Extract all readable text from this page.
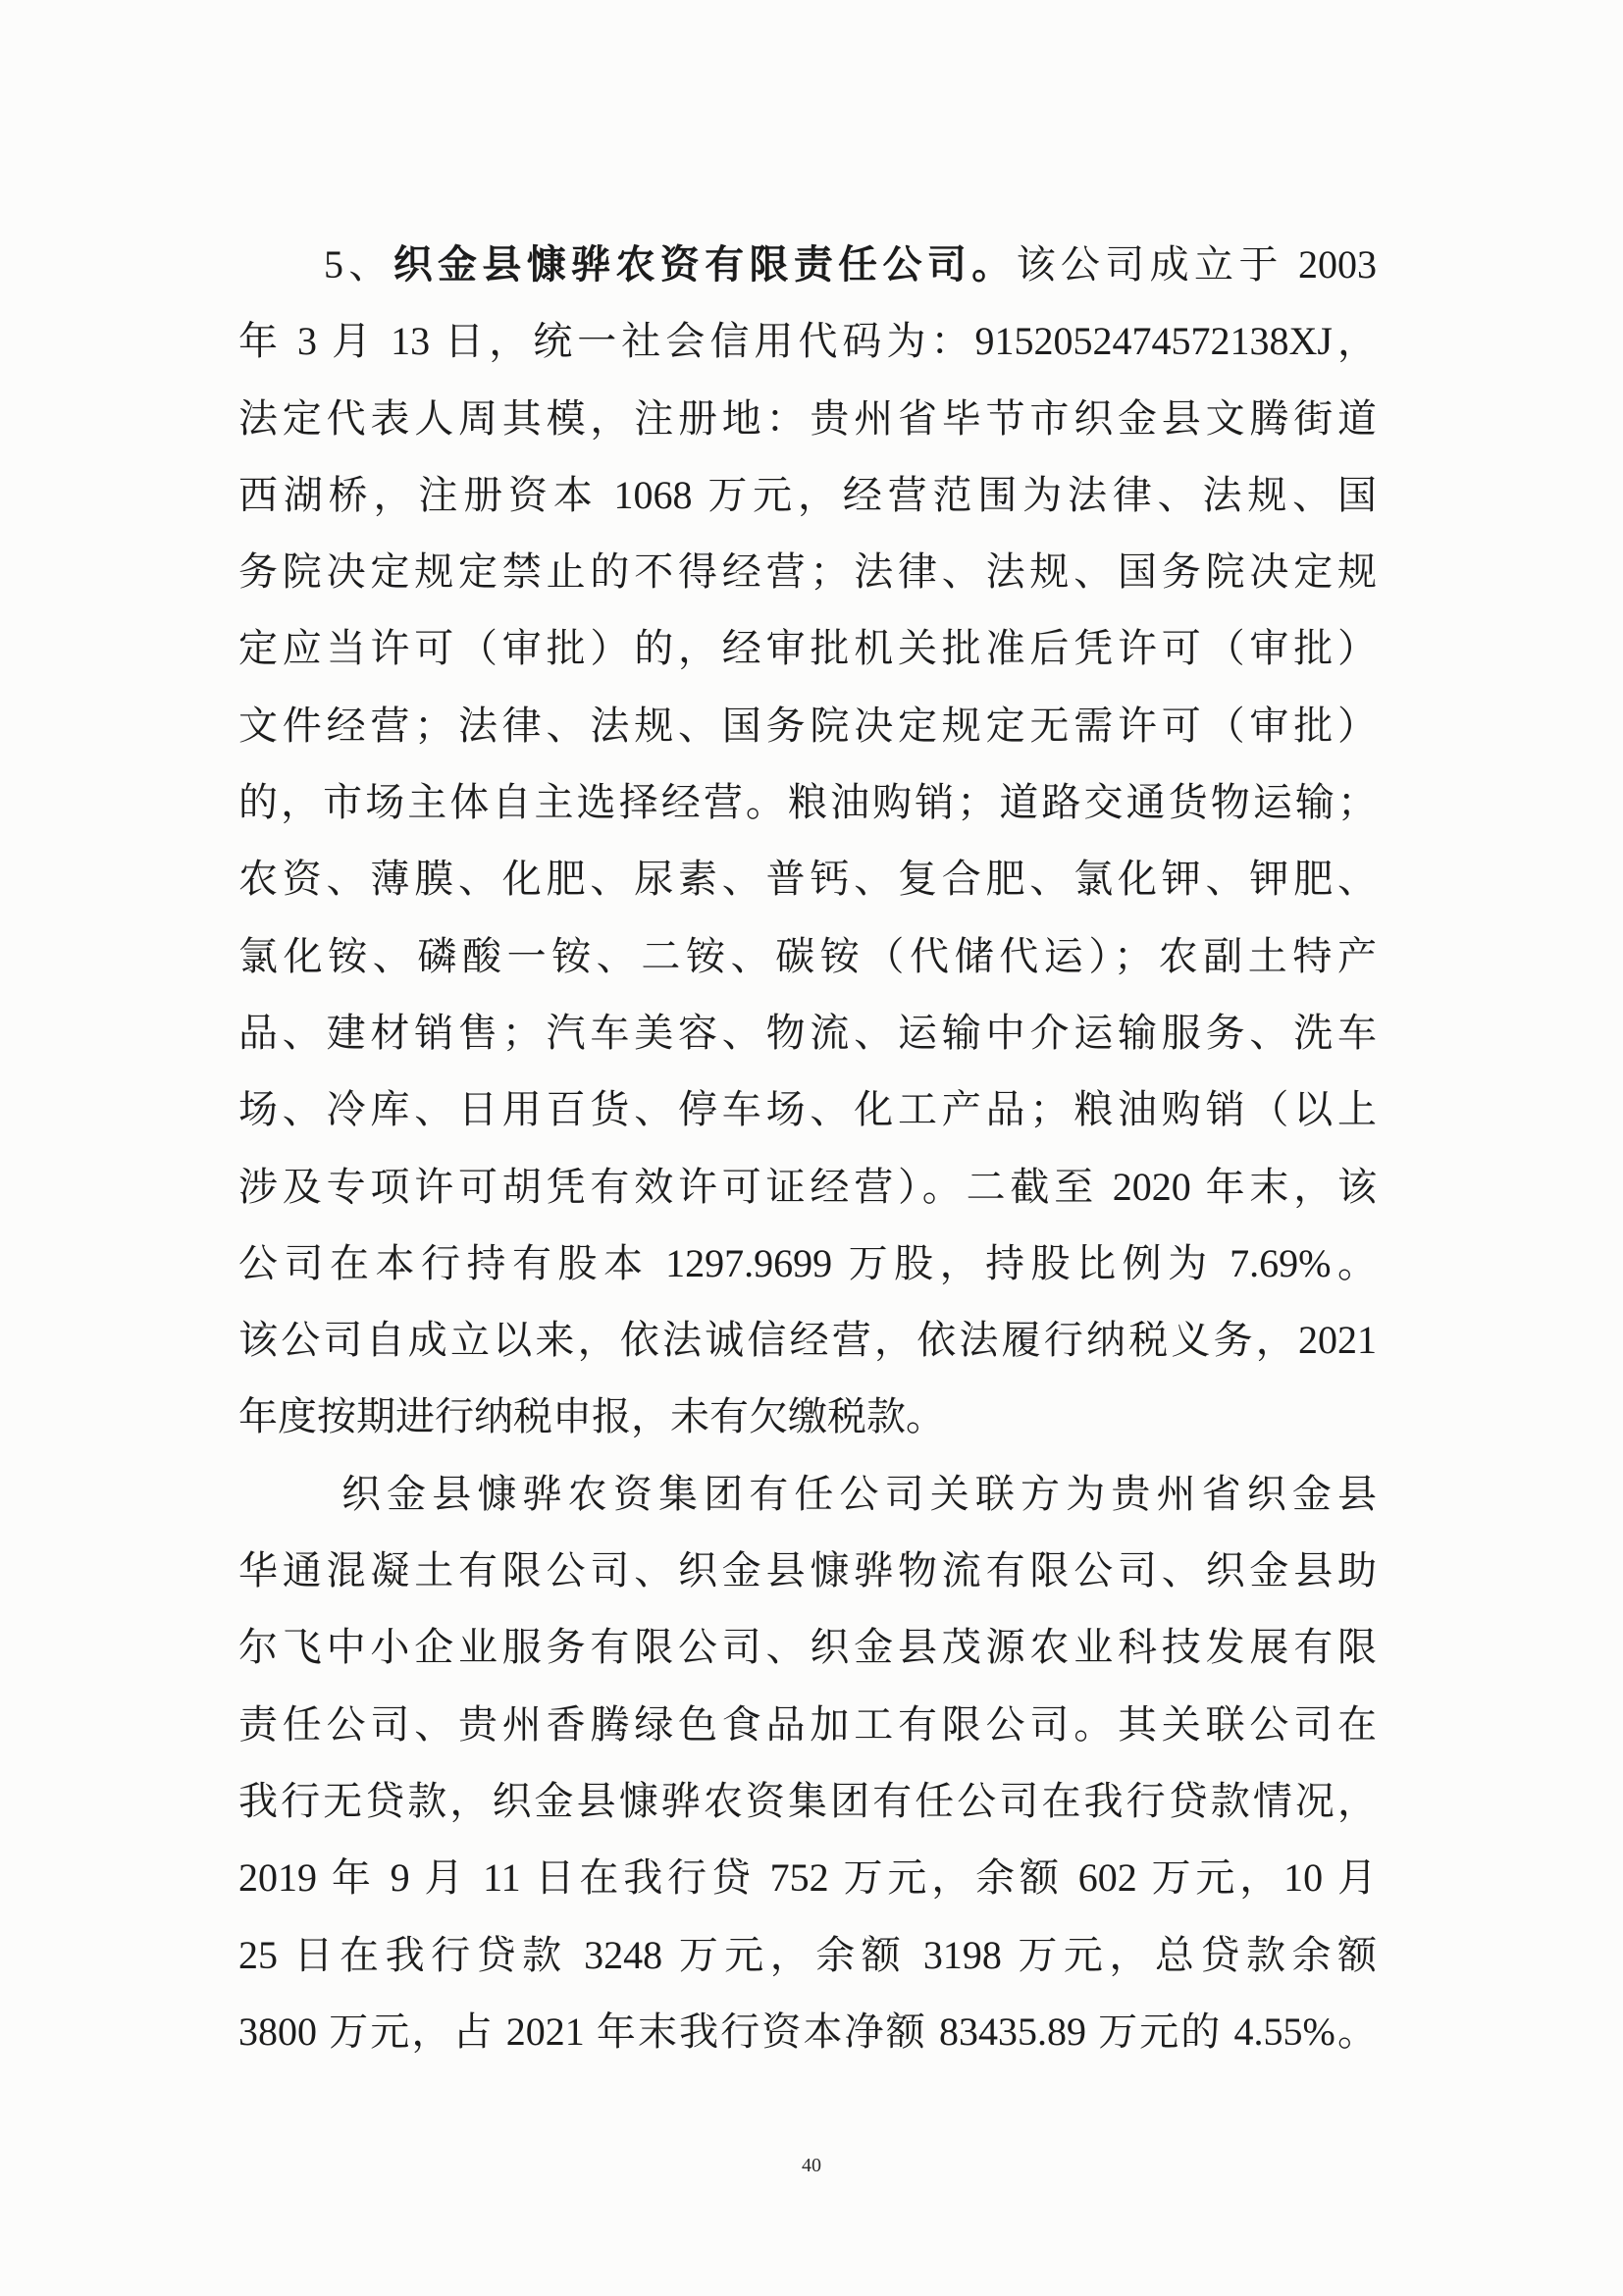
5、织金县慷骅农资有限责任公司。该公司成立于 2003
年 3 月 13 日，统一社会信用代码为：9152052474572138XJ，
法定代表人周其模，注册地：贵州省毕节市织金县文腾街道
西湖桥，注册资本 1068 万元，经营范围为法律、法规、国
务院决定规定禁止的不得经营；法律、法规、国务院决定规
定应当许可（审批）的，经审批机关批准后凭许可（审批）
文件经营；法律、法规、国务院决定规定无需许可（审批）
的，市场主体自主选择经营。粮油购销；道路交通货物运输；
农资、薄膜、化肥、尿素、普钙、复合肥、氯化钾、钾肥、
氯化铵、磷酸一铵、二铵、碳铵（代储代运）；农副土特产
品、建材销售；汽车美容、物流、运输中介运输服务、洗车
场、冷库、日用百货、停车场、化工产品；粮油购销（以上
涉及专项许可胡凭有效许可证经营）。二截至 2020 年末，该
公司在本行持有股本 1297.9699 万股，持股比例为 7.69%。
该公司自成立以来，依法诚信经营，依法履行纳税义务，2021
年度按期进行纳税申报，未有欠缴税款。
织金县慷骅农资集团有任公司关联方为贵州省织金县
华通混凝土有限公司、织金县慷骅物流有限公司、织金县助
尔飞中小企业服务有限公司、织金县茂源农业科技发展有限
责任公司、贵州香腾绿色食品加工有限公司。其关联公司在
我行无贷款，织金县慷骅农资集团有任公司在我行贷款情况，
2019 年 9 月 11 日在我行贷 752 万元，余额 602 万元，10 月
25 日在我行贷款 3248 万元，余额 3198 万元，总贷款余额
3800 万元，占 2021 年末我行资本净额 83435.89 万元的 4.55%。
40
